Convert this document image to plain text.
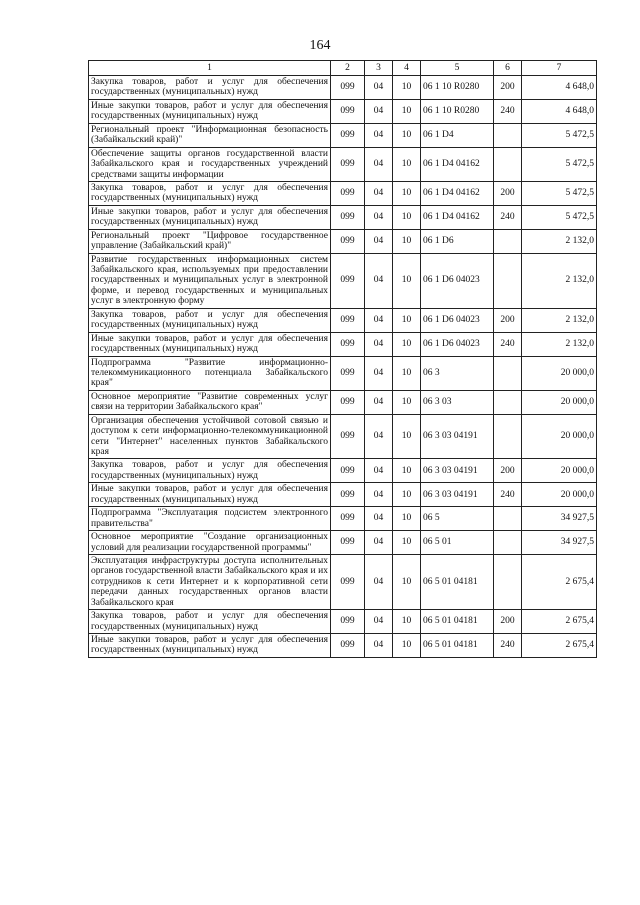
164
1	2	3	4	5	6	7
Закупка товаров, работ и услуг для обеспечения государственных (муниципальных) нужд	099	04	10	06 1 10 R0280	200	4 648,0
Иные закупки товаров, работ и услуг для обеспечения государственных (муниципальных) нужд	099	04	10	06 1 10 R0280	240	4 648,0
Региональный проект "Информационная безопасность (Забайкальский край)"	099	04	10	06 1 D4		5 472,5
Обеспечение защиты органов государственной власти Забайкальского края и государственных учреждений средствами защиты информации	099	04	10	06 1 D4 04162		5 472,5
Закупка товаров, работ и услуг для обеспечения государственных (муниципальных) нужд	099	04	10	06 1 D4 04162	200	5 472,5
Иные закупки товаров, работ и услуг для обеспечения государственных (муниципальных) нужд	099	04	10	06 1 D4 04162	240	5 472,5
Региональный проект "Цифровое государственное управление (Забайкальский край)"	099	04	10	06 1 D6		2 132,0
Развитие государственных информационных систем Забайкальского края, используемых при предоставлении государственных и муниципальных услуг в электронной форме, и перевод государственных и муниципальных услуг в электронную форму	099	04	10	06 1 D6 04023		2 132,0
Закупка товаров, работ и услуг для обеспечения государственных (муниципальных) нужд	099	04	10	06 1 D6 04023	200	2 132,0
Иные закупки товаров, работ и услуг для обеспечения государственных (муниципальных) нужд	099	04	10	06 1 D6 04023	240	2 132,0
Подпрограмма "Развитие информационно-телекоммуникационного потенциала Забайкальского края"	099	04	10	06 3		20 000,0
Основное мероприятие "Развитие современных услуг связи на территории Забайкальского края"	099	04	10	06 3 03		20 000,0
Организация обеспечения устойчивой сотовой связью и доступом к сети информационно-телекоммуникационной сети "Интернет" населенных пунктов Забайкальского края	099	04	10	06 3 03 04191		20 000,0
Закупка товаров, работ и услуг для обеспечения государственных (муниципальных) нужд	099	04	10	06 3 03 04191	200	20 000,0
Иные закупки товаров, работ и услуг для обеспечения государственных (муниципальных) нужд	099	04	10	06 3 03 04191	240	20 000,0
Подпрограмма "Эксплуатация подсистем электронного правительства"	099	04	10	06 5		34 927,5
Основное мероприятие "Создание организационных условий для реализации государственной программы"	099	04	10	06 5 01		34 927,5
Эксплуатация инфраструктуры доступа исполнительных органов государственной власти Забайкальского края и их сотрудников к сети Интернет и к корпоративной сети передачи данных государственных органов власти Забайкальского края	099	04	10	06 5 01 04181		2 675,4
Закупка товаров, работ и услуг для обеспечения государственных (муниципальных) нужд	099	04	10	06 5 01 04181	200	2 675,4
Иные закупки товаров, работ и услуг для обеспечения государственных (муниципальных) нужд	099	04	10	06 5 01 04181	240	2 675,4
